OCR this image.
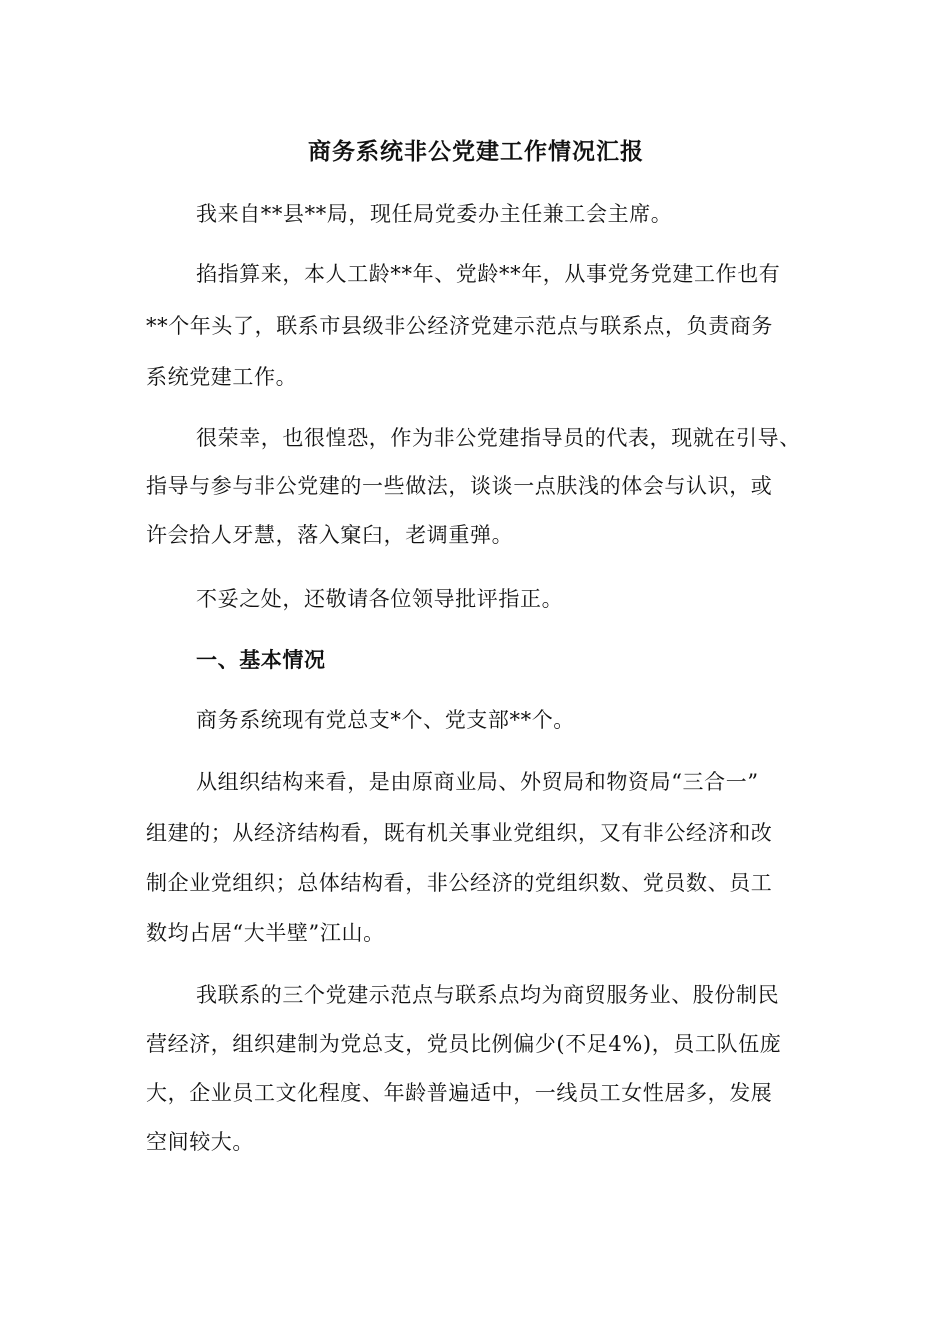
商务系统非公党建工作情况汇报
我来自**县**局，现任局党委办主任兼工会主席。
掐指算来，本人工龄**年、党龄**年，从事党务党建工作也有
**个年头了，联系市县级非公经济党建示范点与联系点，负责商务
系统党建工作。
很荣幸，也很惶恐，作为非公党建指导员的代表，现就在引导、
指导与参与非公党建的一些做法，谈谈一点肤浅的体会与认识，或
许会拾人牙慧，落入窠臼，老调重弹。
不妥之处，还敬请各位领导批评指正。
一、基本情况
商务系统现有党总支*个、党支部**个。
从组织结构来看，是由原商业局、外贸局和物资局“三合一”
组建的；从经济结构看，既有机关事业党组织，又有非公经济和改
制企业党组织；总体结构看，非公经济的党组织数、党员数、员工
数均占居“大半壁”江山。
我联系的三个党建示范点与联系点均为商贸服务业、股份制民
营经济，组织建制为党总支，党员比例偏少(不足4%)，员工队伍庞
大，企业员工文化程度、年龄普遍适中，一线员工女性居多，发展
空间较大。
